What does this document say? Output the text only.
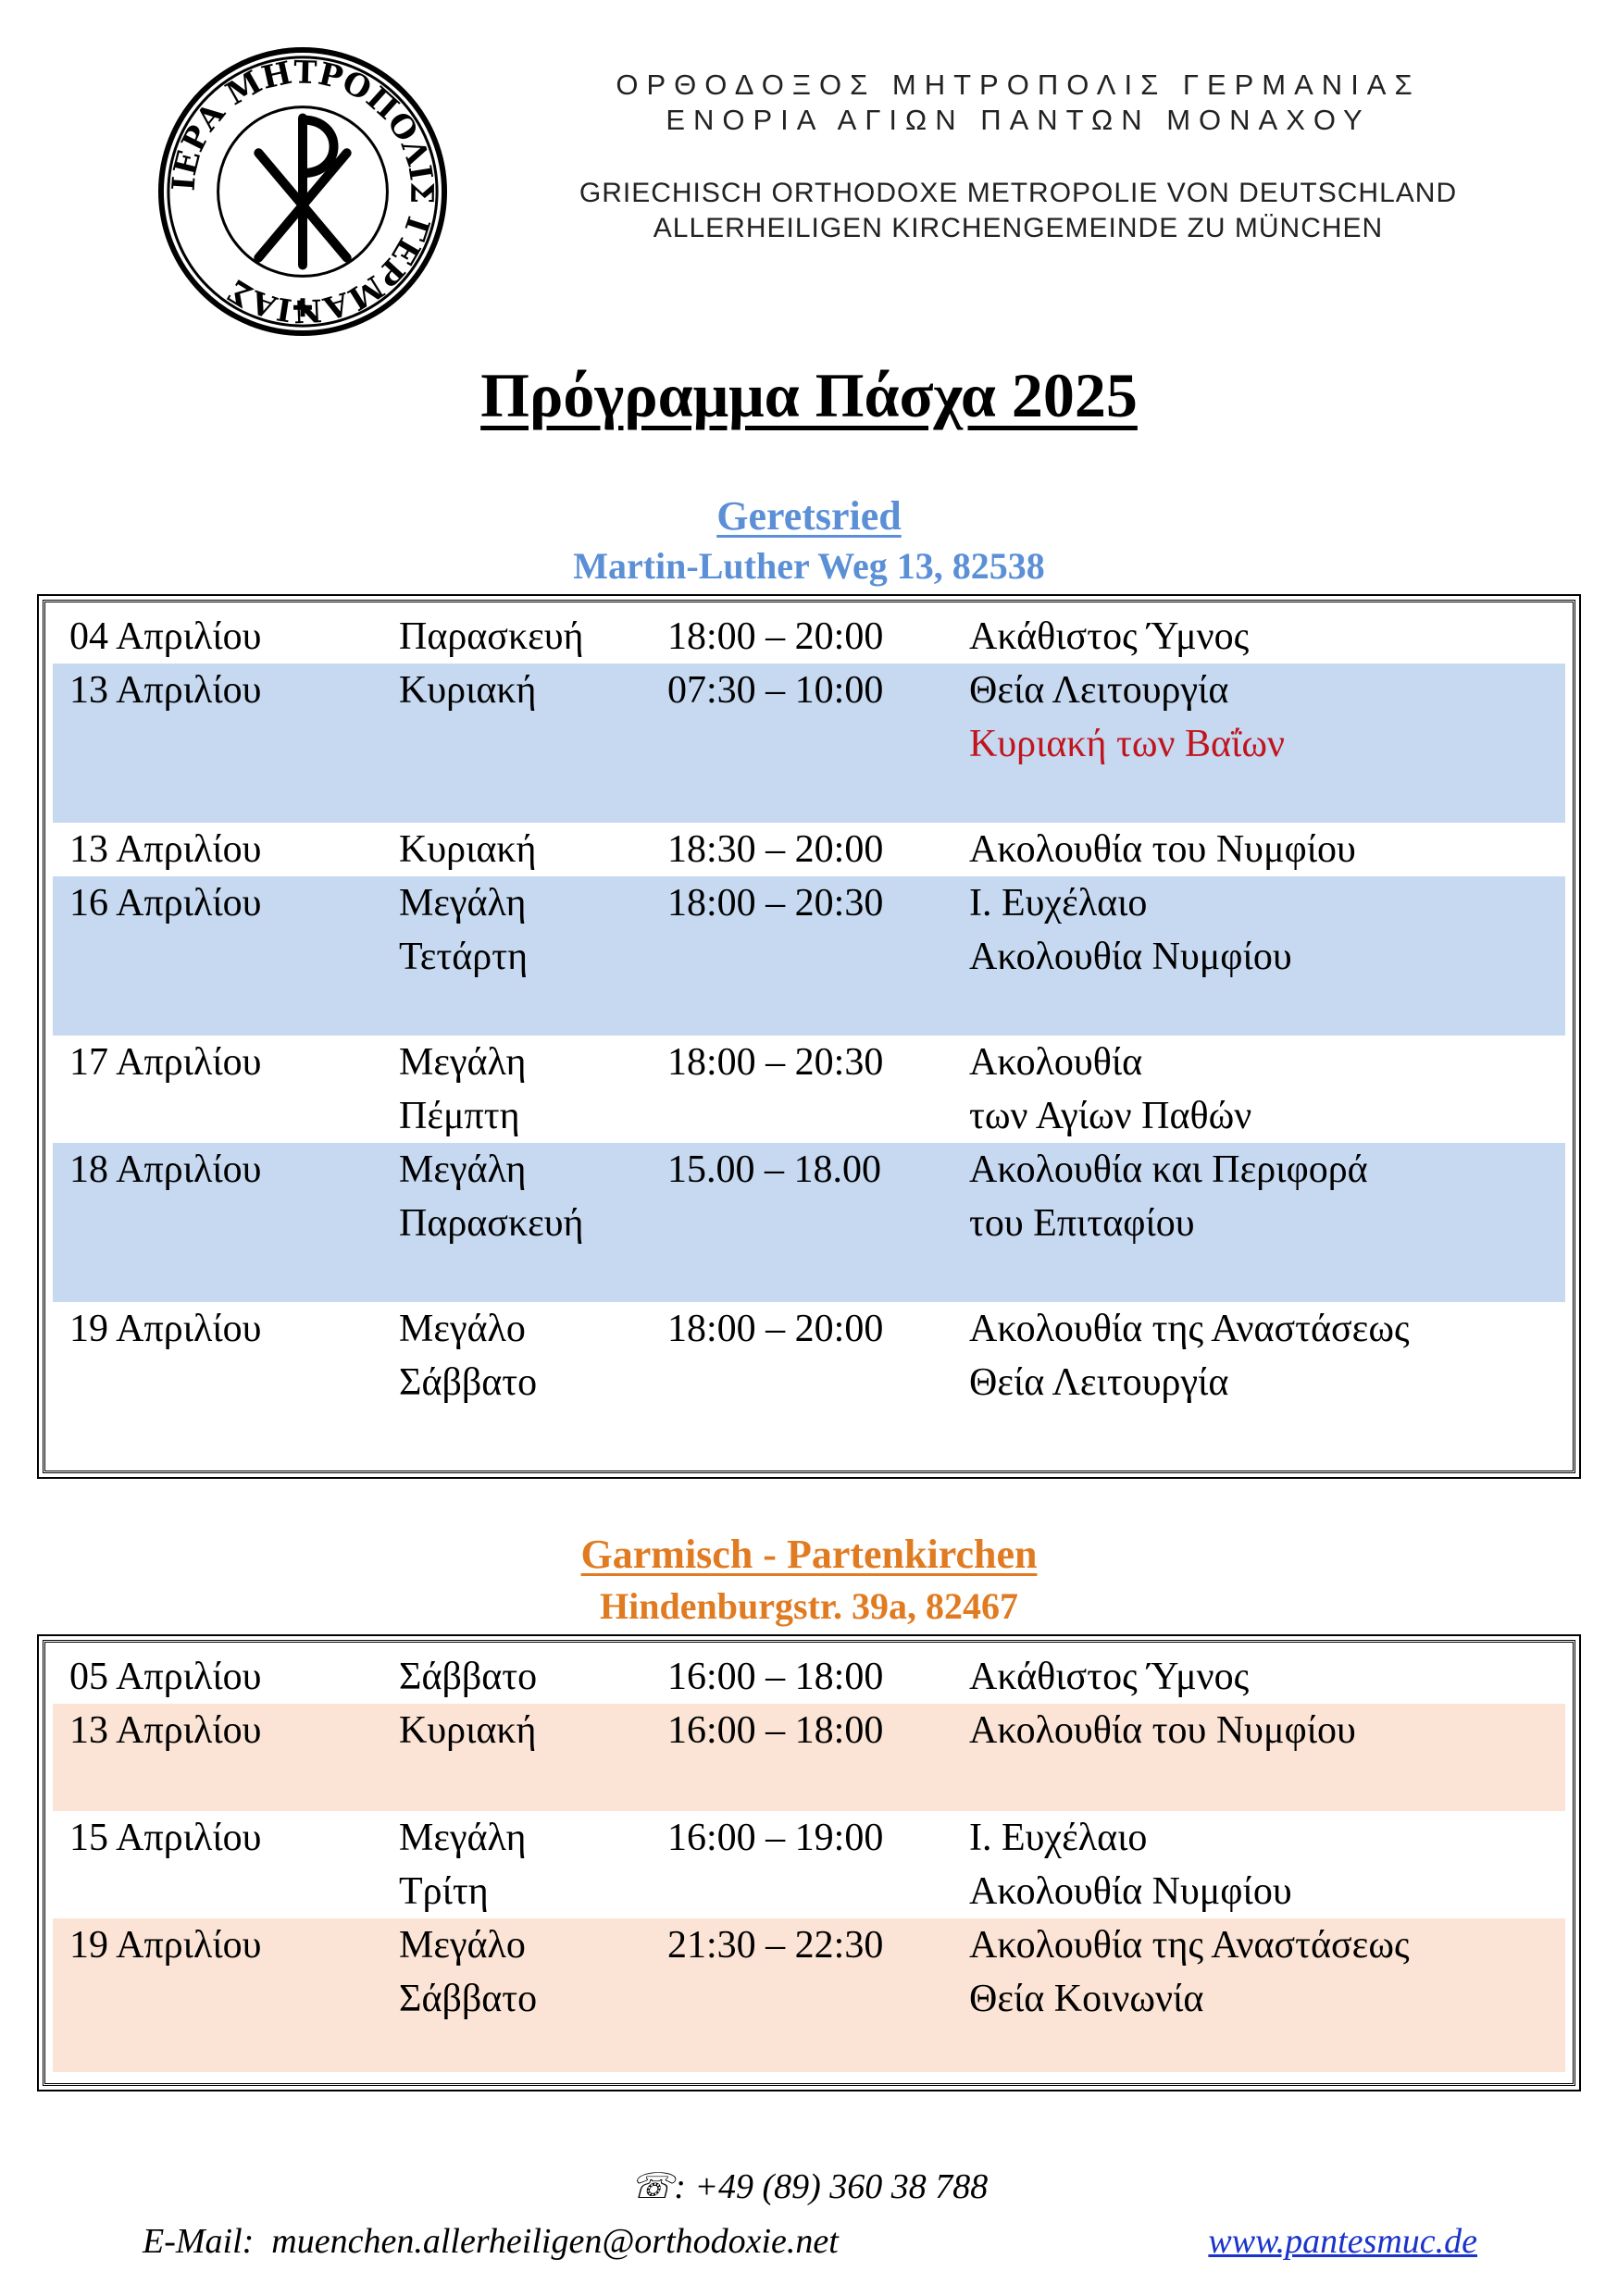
ΙΕΡΑ ΜΗΤΡΟΠΟΛΙΣ ΓΕΡΜΑΝΙΑΣ
ΟΡΘΟΔΟΞΟΣ ΜΗΤΡΟΠΟΛΙΣ ΓΕΡΜΑΝΙΑΣ
ΕΝΟΡΙΑ ΑΓΙΩΝ ΠΑΝΤΩΝ ΜΟΝΑΧΟΥ
GRIECHISCH ORTHODOXE METROPOLIE VON DEUTSCHLAND
ALLERHEILIGEN KIRCHENGEMEINDE ZU MÜNCHEN
Πρόγραμμα Πάσχα 2025
Geretsried
Martin-Luther Weg 13, 82538
04 Απριλίου	Παρασκευή 18:00 – 20:00 Ακάθιστος Ύμνος
13 Απριλίου	Κυριακή	07:30 – 10:00 Θεία Λειτουργία
Κυριακή των Βαΐων
13 Απριλίου	Κυριακή	18:30 – 20:00 Ακολουθία του Νυμφίου
16 Απριλίου	Μεγάλη
Τετάρτη
18:00 – 20:30 Ι. Ευχέλαιο
Ακολουθία Νυμφίου
17 Απριλίου	Μεγάλη
Πέμπτη
18:00 – 20:30 Ακολουθία
των Αγίων Παθών
18 Απριλίου	Μεγάλη
Παρασκευή
15.00 – 18.00 Ακολουθία και Περιφορά
του Επιταφίου
19 Απριλίου	Μεγάλο
Σάββατο
18:00 – 20:00 Ακολουθία της Αναστάσεως
Θεία Λειτουργία
Garmisch - Partenkirchen
Hindenburgstr. 39a, 82467
05 Απριλίου	Σάββατο	16:00 – 18:00 Ακάθιστος Ύμνος
13 Απριλίου	Κυριακή	16:00 – 18:00 Ακολουθία του Νυμφίου
15 Απριλίου	Μεγάλη
Τρίτη
16:00 – 19:00 Ι. Ευχέλαιο
Ακολουθία Νυμφίου
19 Απριλίου	Μεγάλο
Σάββατο
21:30 – 22:30 Ακολουθία της Αναστάσεως
Θεία Κοινωνία
☏: +49 (89) 360 38 788
E-Mail: muenchen.allerheiligen@orthodoxie.net	www.pantesmuc.de
